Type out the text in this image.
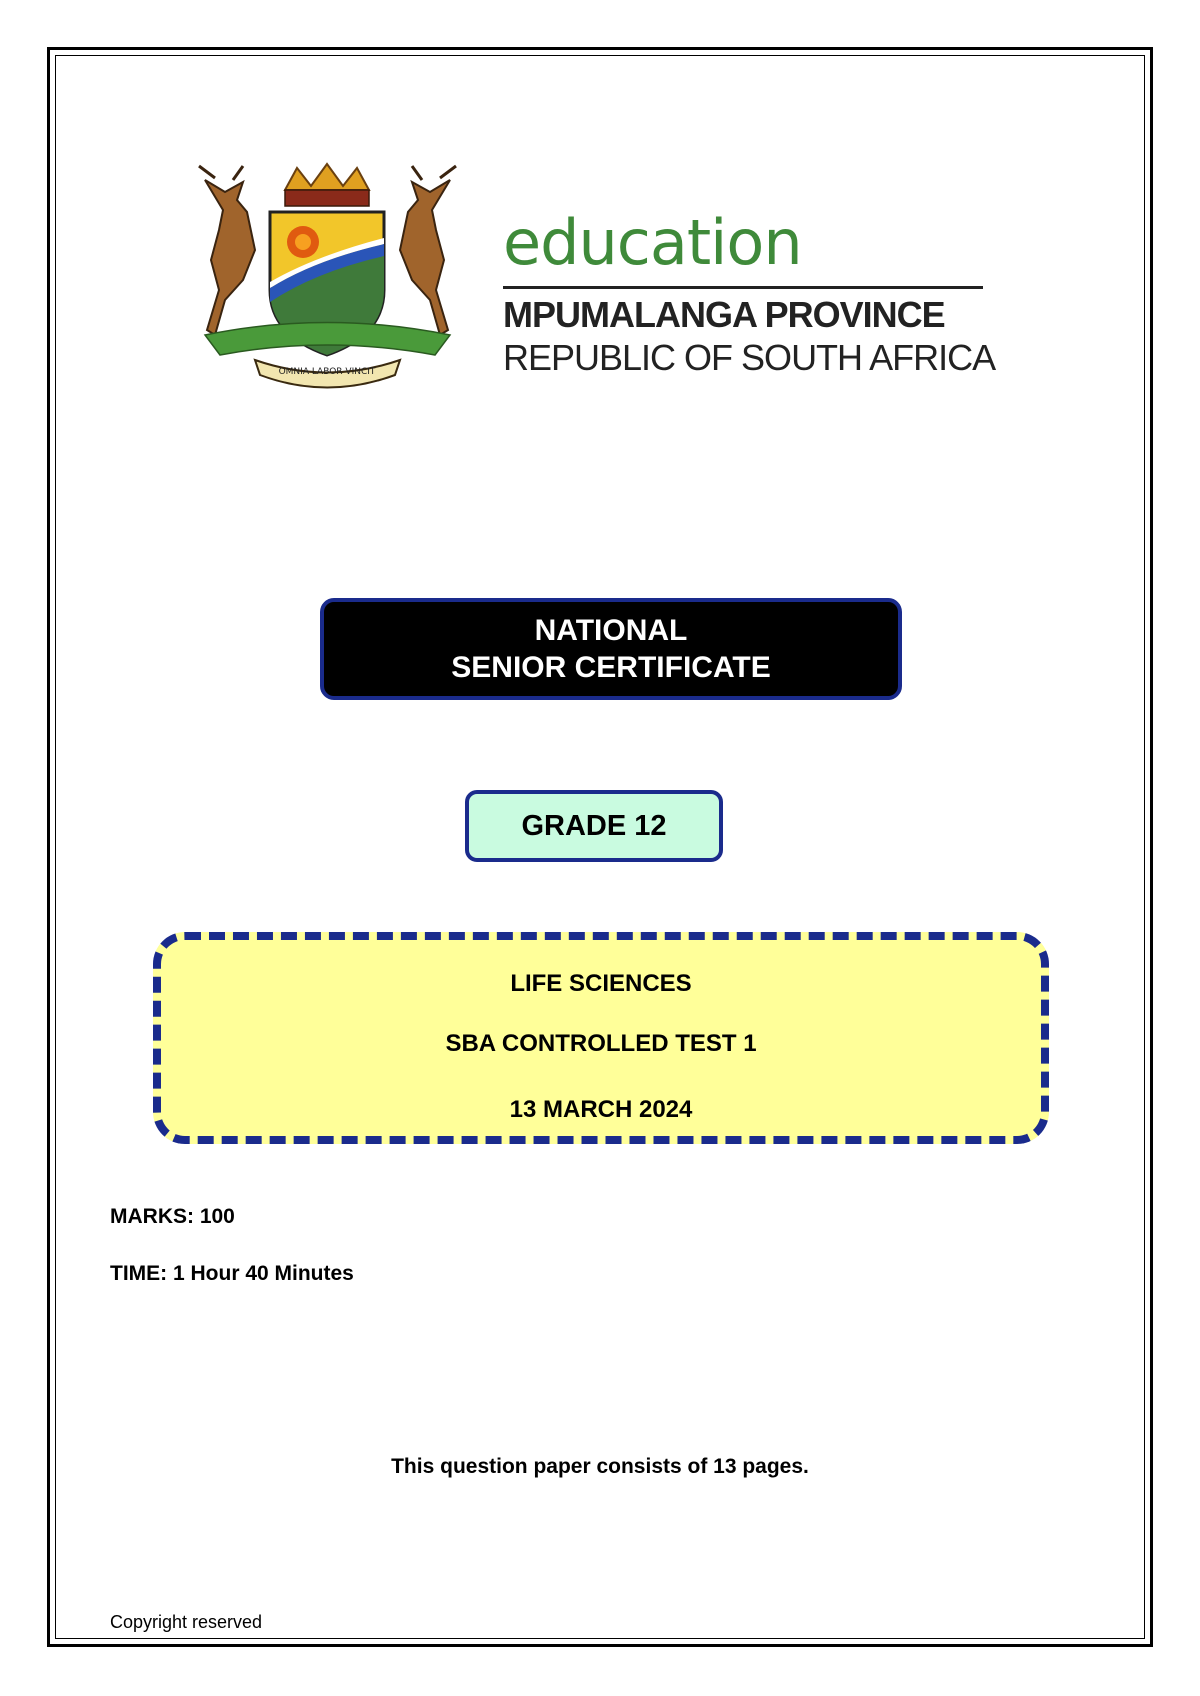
OMNIA LABOR VINCIT
education
MPUMALANGA PROVINCE
REPUBLIC OF SOUTH AFRICA
NATIONAL
SENIOR CERTIFICATE
GRADE 12
LIFE SCIENCES
SBA CONTROLLED TEST 1
13 MARCH 2024
MARKS: 100
TIME: 1 Hour 40 Minutes
This question paper consists of 13 pages.
Copyright reserved
